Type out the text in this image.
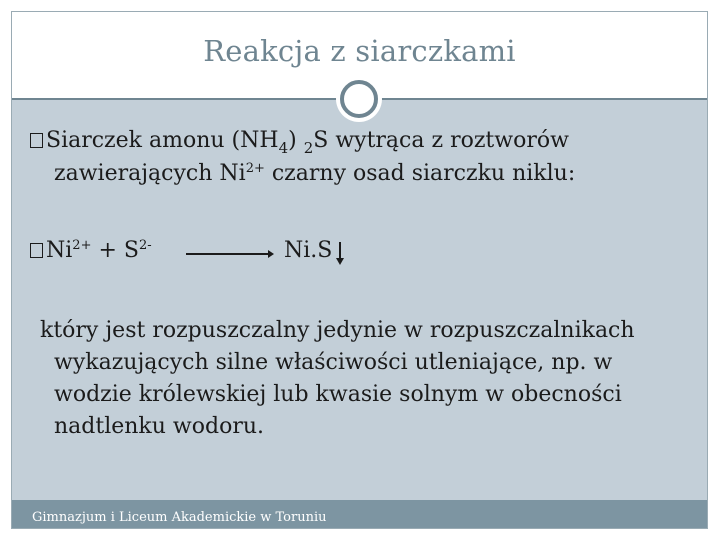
Reakcja z siarczkami
Siarczek amonu $(NH_4)$ $_2$S wytrąca z roztworów
zawierających $Ni^{2+}$ czarny osad siarczku niklu:
$Ni^{2+} + S^{2-}$	Ni.S
który jest rozpuszczalny jedynie w rozpuszczalnikach
wykazujących silne właściwości utleniające, np. w
wodzie królewskiej lub kwasie solnym w obecności
nadtlenku wodoru.
Gimnazjum i Liceum Akademickie w Toruniu
